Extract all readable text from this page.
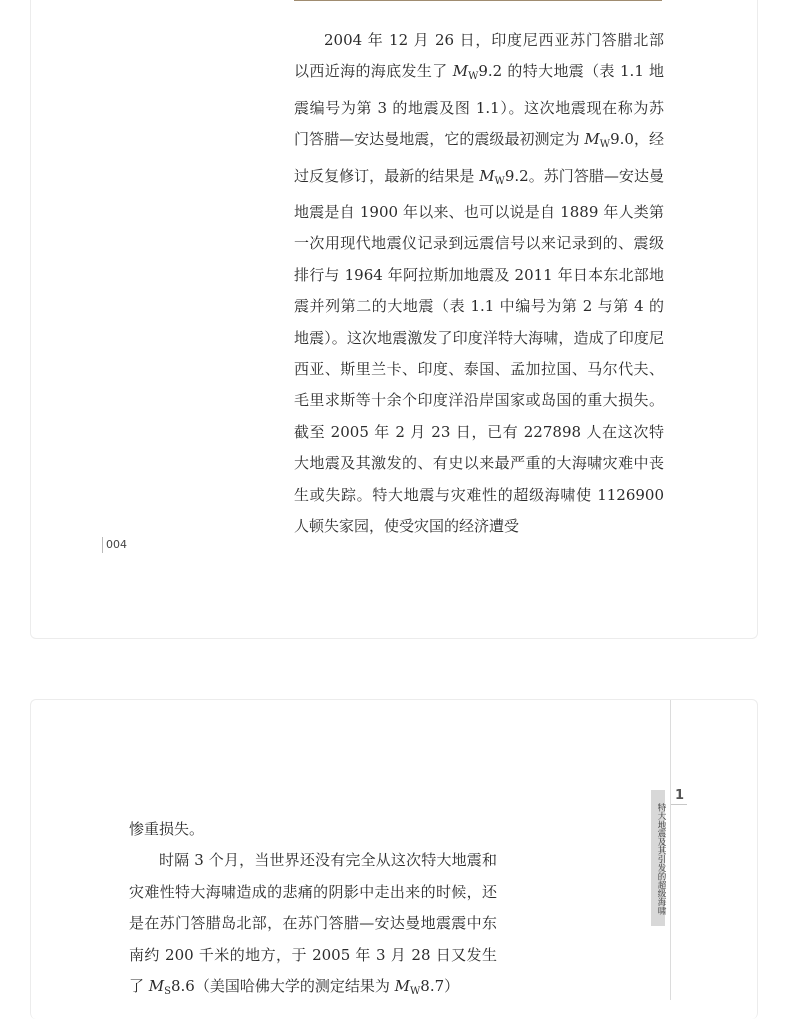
2004 年 12 月 26 日，印度尼西亚苏门答腊北部以西近海的海底发生了 $M_W9.2$ 的特大地震（表 1.1 地震编号为第 3 的地震及图 1.1）。这次地震现在称为苏门答腊—安达曼地震，它的震级最初测定为 $M_W9.0$，经过反复修订，最新的结果是 $M_W9.2$。苏门答腊—安达曼地震是自 1900 年以来、也可以说是自 1889 年人类第一次用现代地震仪记录到远震信号以来记录到的、震级排行与 1964 年阿拉斯加地震及 2011 年日本东北部地震并列第二的大地震（表 1.1 中编号为第 2 与第 4 的地震）。这次地震激发了印度洋特大海啸，造成了印度尼西亚、斯里兰卡、印度、泰国、孟加拉国、马尔代夫、毛里求斯等十余个印度洋沿岸国家或岛国的重大损失。截至 2005 年 2 月 23 日，已有 227898 人在这次特大地震及其激发的、有史以来最严重的大海啸灾难中丧生或失踪。特大地震与灾难性的超级海啸使 1126900 人顿失家园，使受灾国的经济遭受

004
特大地震及其引发的超级海啸
1

惨重损失。

时隔 3 个月，当世界还没有完全从这次特大地震和灾难性特大海啸造成的悲痛的阴影中走出来的时候，还是在苏门答腊岛北部，在苏门答腊—安达曼地震震中东南约 200 千米的地方，于 2005 年 3 月 28 日又发生了 $M_S8.6$（美国哈佛大学的测定结果为 $M_W8.7$）
